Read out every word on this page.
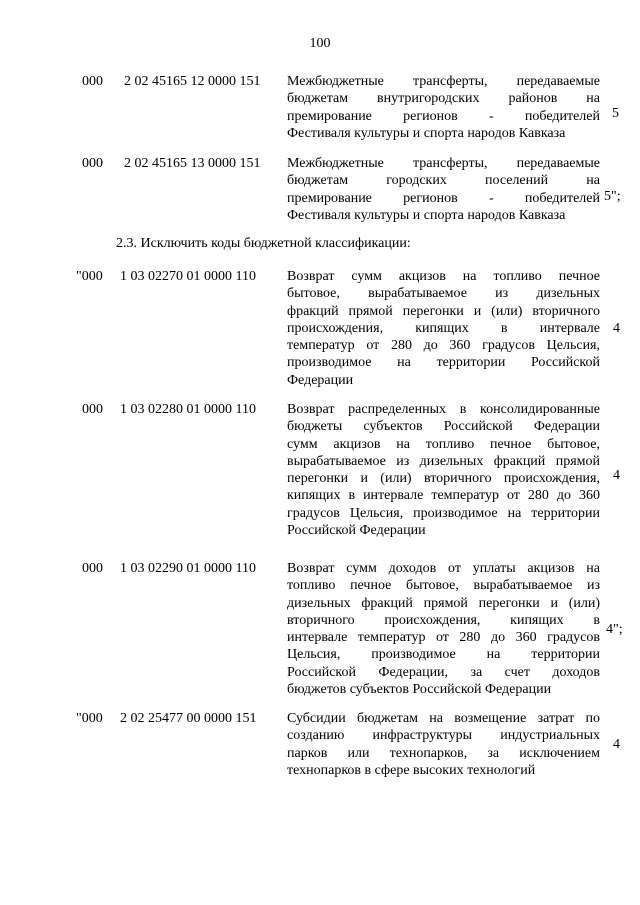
100
000 2 02 45165 12 0000 151 Межбюджетные трансферты, передаваемые
бюджетам внутригородских районов на
премирование регионов - победителей
Фестиваля культуры и спорта народов Кавказа
5
000 2 02 45165 13 0000 151 Межбюджетные трансферты, передаваемые
бюджетам городских поселений на
премирование регионов - победителей
Фестиваля культуры и спорта народов Кавказа
5";
2.3. Исключить коды бюджетной классификации:
"000 1 03 02270 01 0000 110 Возврат сумм акцизов на топливо печное
бытовое, вырабатываемое из дизельных
фракций прямой перегонки и (или) вторичного
происхождения, кипящих в интервале
температур от 280 до 360 градусов Цельсия,
производимое на территории Российской
Федерации
4
000 1 03 02280 01 0000 110 Возврат распределенных в консолидированные
бюджеты субъектов Российской Федерации
сумм акцизов на топливо печное бытовое,
вырабатываемое из дизельных фракций прямой
перегонки и (или) вторичного происхождения,
кипящих в интервале температур от 280 до 360
градусов Цельсия, производимое на территории
Российской Федерации
4
000 1 03 02290 01 0000 110 Возврат сумм доходов от уплаты акцизов на
топливо печное бытовое, вырабатываемое из
дизельных фракций прямой перегонки и (или)
вторичного происхождения, кипящих в
интервале температур от 280 до 360 градусов
Цельсия, производимое на территории
Российской Федерации, за счет доходов
бюджетов субъектов Российской Федерации
4";
"000 2 02 25477 00 0000 151 Субсидии бюджетам на возмещение затрат по
созданию инфраструктуры индустриальных
парков или технопарков, за исключением
технопарков в сфере высоких технологий
4
